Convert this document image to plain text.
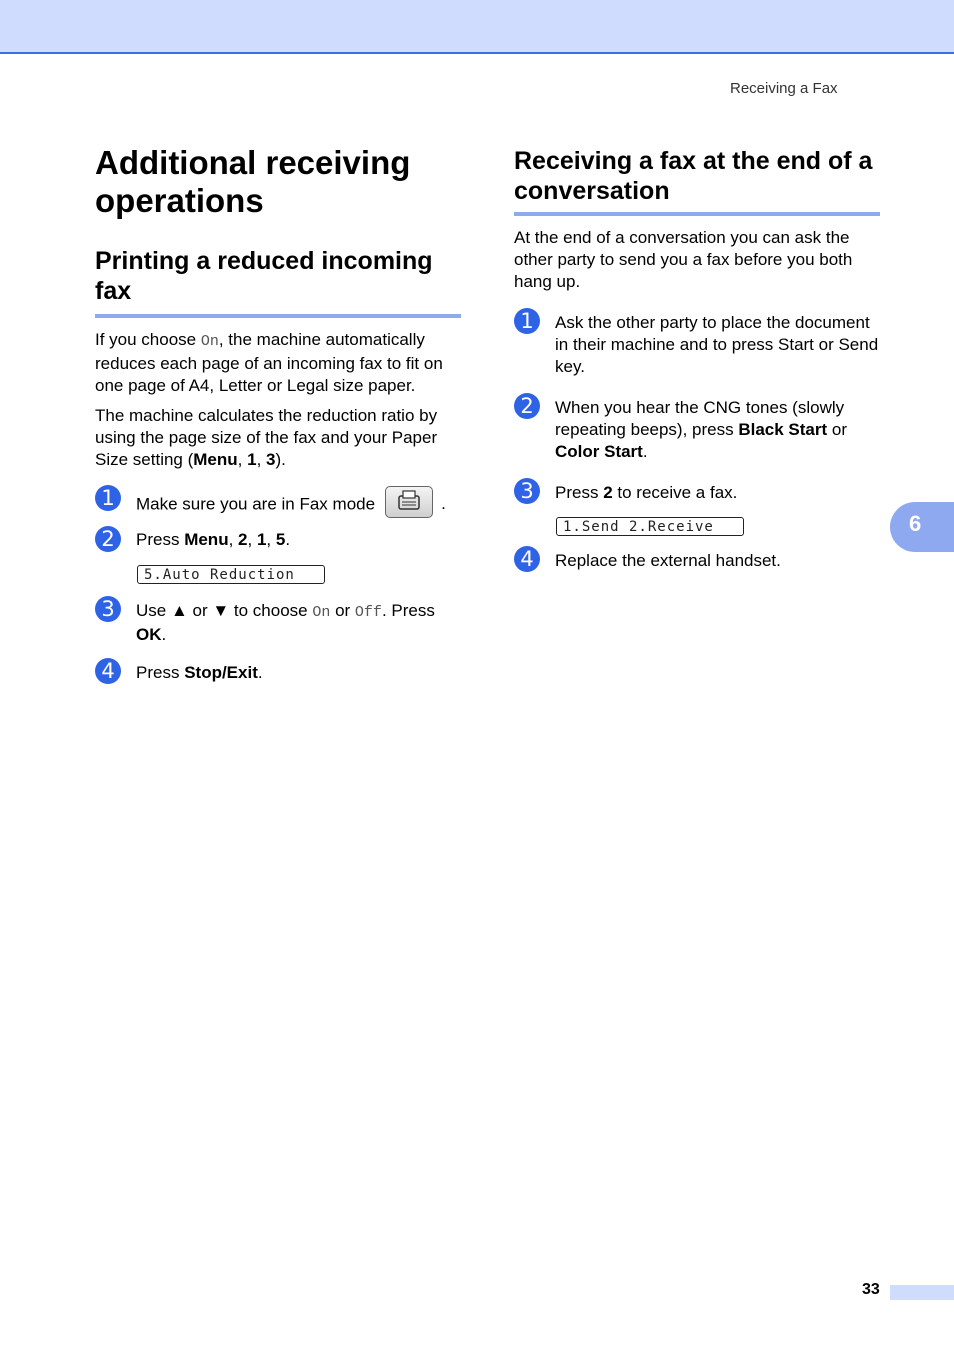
Receiving a Fax
Additional receiving operations
Printing a reduced incoming fax

If you choose On, the machine automatically reduces each page of an incoming fax to fit on one page of A4, Letter or Legal size paper.

The machine calculates the reduction ratio by using the page size of the fax and your Paper Size setting (Menu, 1, 3).

1	Make sure you are in Fax mode	.
2	Press Menu, 2, 1, 5.
5.Auto Reduction
3	Use ▲ or ▼ to choose On or Off. Press OK.
4	Press Stop/Exit.
Receiving a fax at the end of a conversation

At the end of a conversation you can ask the other party to send you a fax before you both hang up.

1	Ask the other party to place the document in their machine and to press Start or Send key.
2	When you hear the CNG tones (slowly repeating beeps), press Black Start or Color Start.
3	Press 2 to receive a fax.
1.Send 2.Receive
4	Replace the external handset.
6
33
